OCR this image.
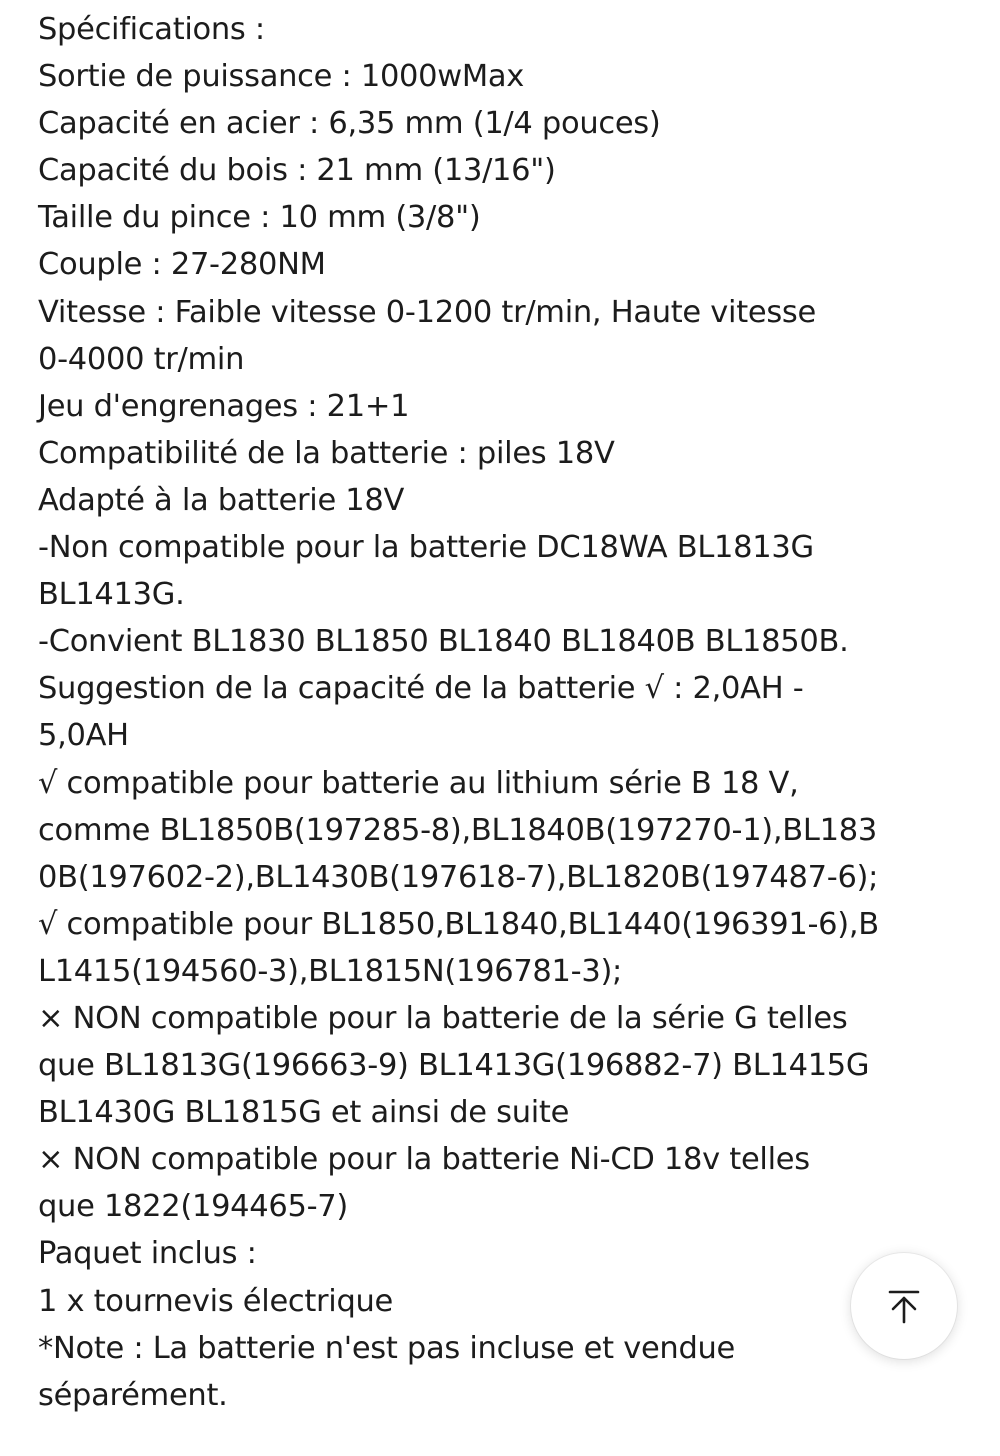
Spécifications :
Sortie de puissance : 1000wMax
Capacité en acier : 6,35 mm (1/4 pouces)
Capacité du bois : 21 mm (13/16")
Taille du pince : 10 mm (3/8")
Couple : 27-280NM
Vitesse : Faible vitesse 0-1200 tr/min, Haute vitesse
0-4000 tr/min
Jeu d'engrenages : 21+1
Compatibilité de la batterie : piles 18V
Adapté à la batterie 18V
-Non compatible pour la batterie DC18WA BL1813G
BL1413G.
-Convient BL1830 BL1850 BL1840 BL1840B BL1850B.
Suggestion de la capacité de la batterie √ : 2,0AH -
5,0AH
√ compatible pour batterie au lithium série B 18 V,
comme BL1850B(197285-8),BL1840B(197270-1),BL183
0B(197602-2),BL1430B(197618-7),BL1820B(197487-6);
√ compatible pour BL1850,BL1840,BL1440(196391-6),B
L1415(194560-3),BL1815N(196781-3);
× NON compatible pour la batterie de la série G telles
que BL1813G(196663-9) BL1413G(196882-7) BL1415G
BL1430G BL1815G et ainsi de suite
× NON compatible pour la batterie Ni-CD 18v telles
que 1822(194465-7)
Paquet inclus :
1 x tournevis électrique
*Note : La batterie n'est pas incluse et vendue
séparément.
